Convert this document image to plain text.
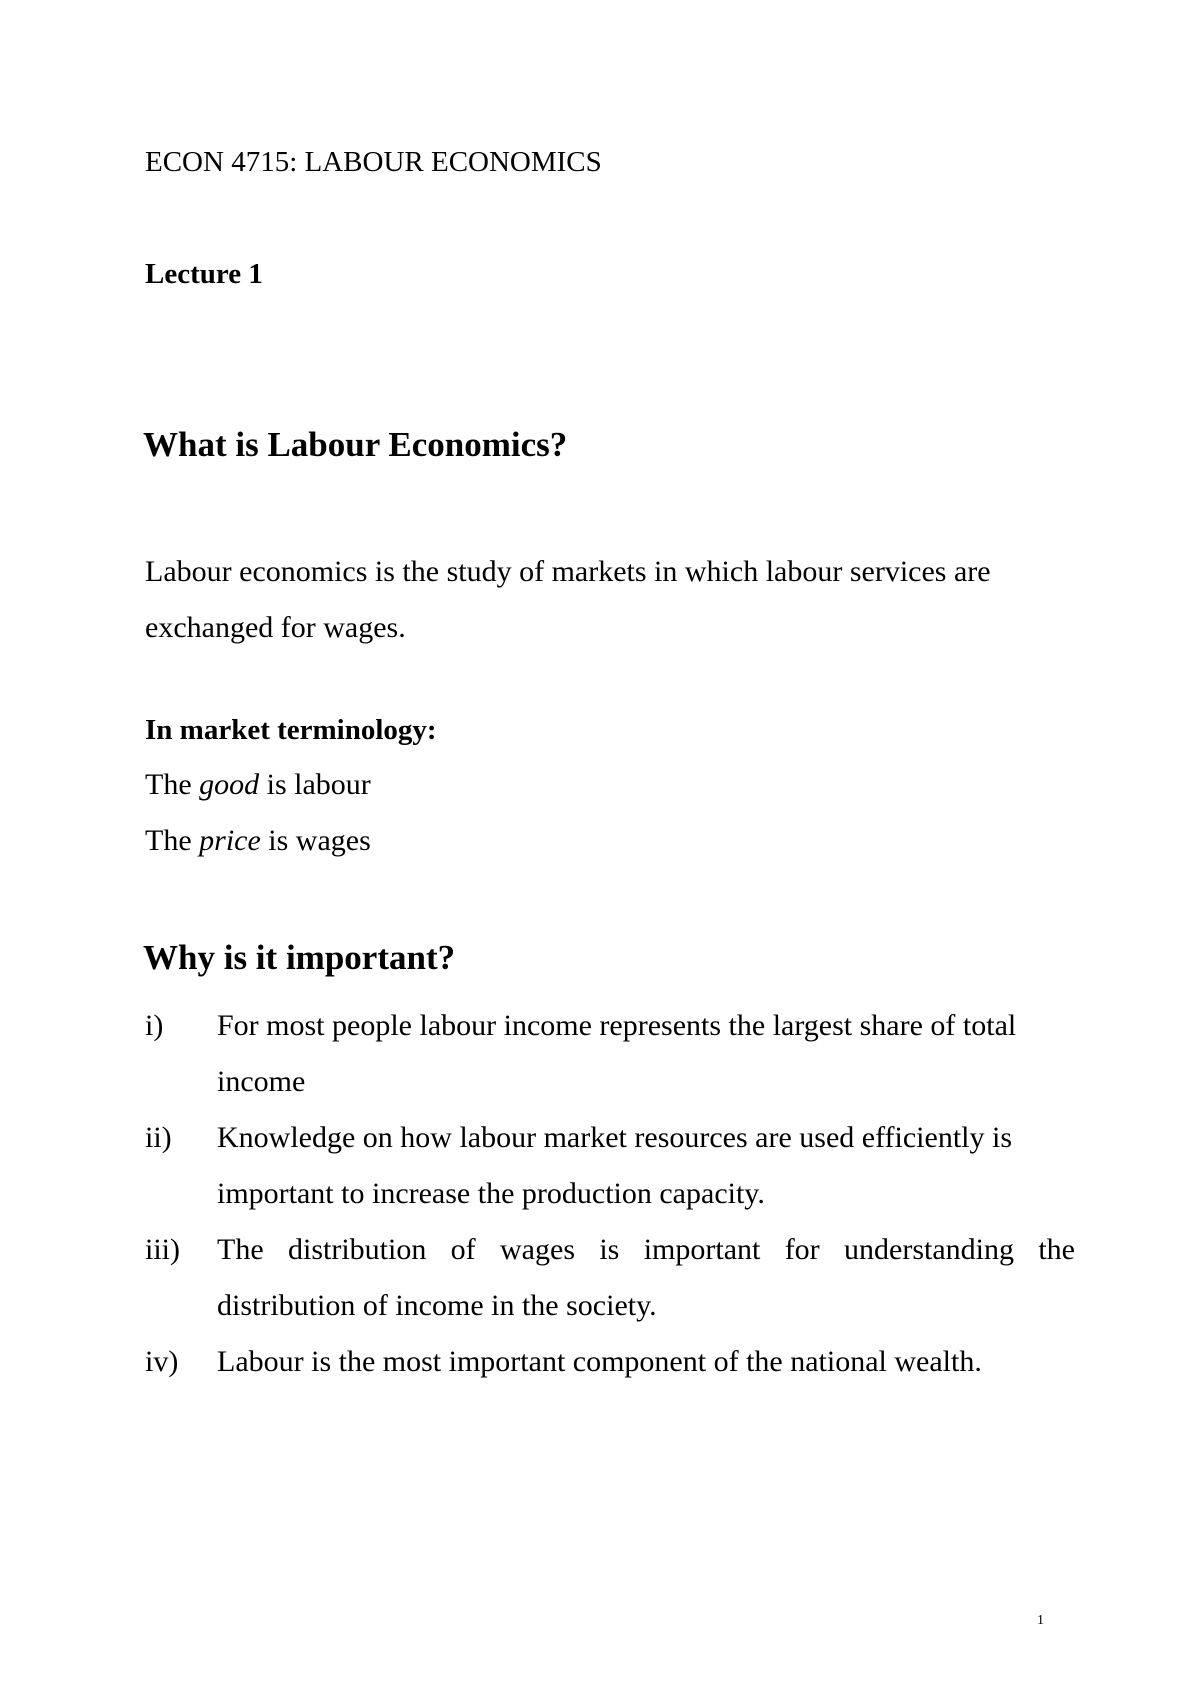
ECON 4715: LABOUR ECONOMICS

Lecture 1

What is Labour Economics?

Labour economics is the study of markets in which labour services are exchanged for wages.

In market terminology:

The good is labour

The price is wages

Why is it important?
i)	For most people labour income represents the largest share of total income
ii)	Knowledge on how labour market resources are used efficiently is important to increase the production capacity.
iii)	The distribution of wages is important for understanding the distribution of income in the society.
iv)	Labour is the most important component of the national wealth.

1
